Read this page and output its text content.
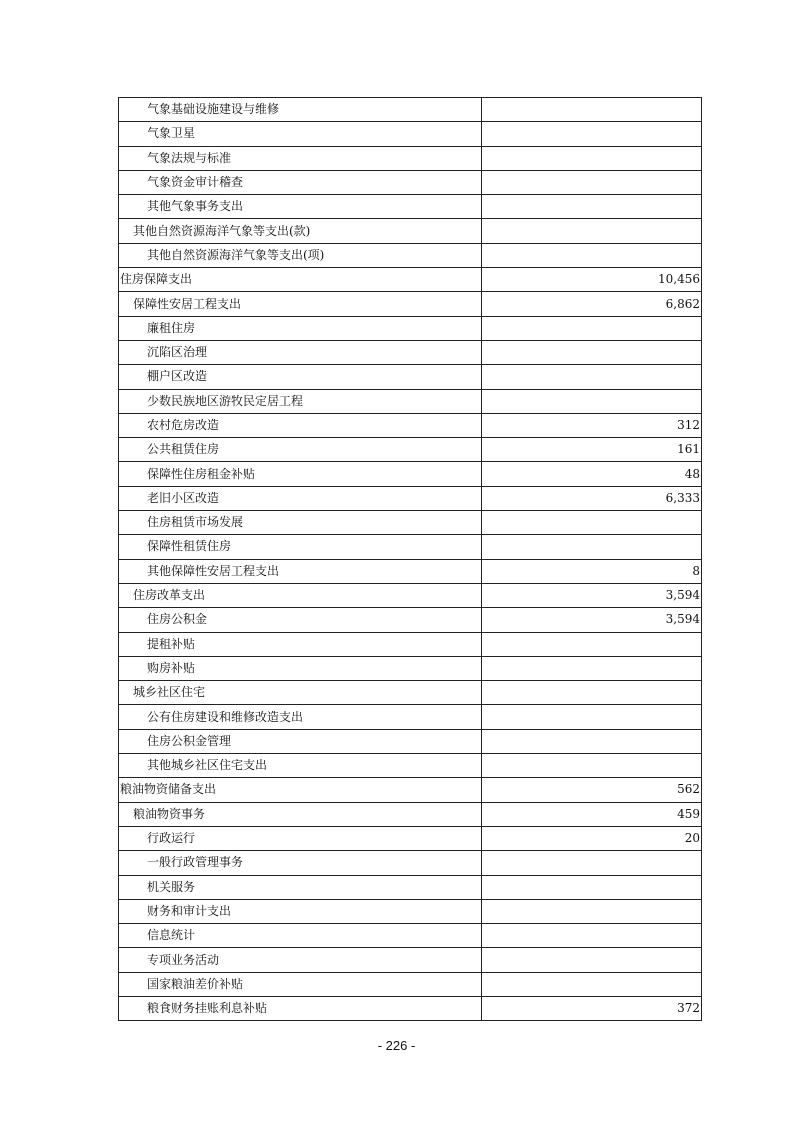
气象基础设施建设与维修	
气象卫星	
气象法规与标准	
气象资金审计稽查	
其他气象事务支出	
其他自然资源海洋气象等支出(款)	
其他自然资源海洋气象等支出(项)	
住房保障支出	10,456
保障性安居工程支出	6,862
廉租住房	
沉陷区治理	
棚户区改造	
少数民族地区游牧民定居工程	
农村危房改造	312
公共租赁住房	161
保障性住房租金补贴	48
老旧小区改造	6,333
住房租赁市场发展	
保障性租赁住房	
其他保障性安居工程支出	8
住房改革支出	3,594
住房公积金	3,594
提租补贴	
购房补贴	
城乡社区住宅	
公有住房建设和维修改造支出	
住房公积金管理	
其他城乡社区住宅支出	
粮油物资储备支出	562
粮油物资事务	459
行政运行	20
一般行政管理事务	
机关服务	
财务和审计支出	
信息统计	
专项业务活动	
国家粮油差价补贴	
粮食财务挂账利息补贴	372
- 226 -
